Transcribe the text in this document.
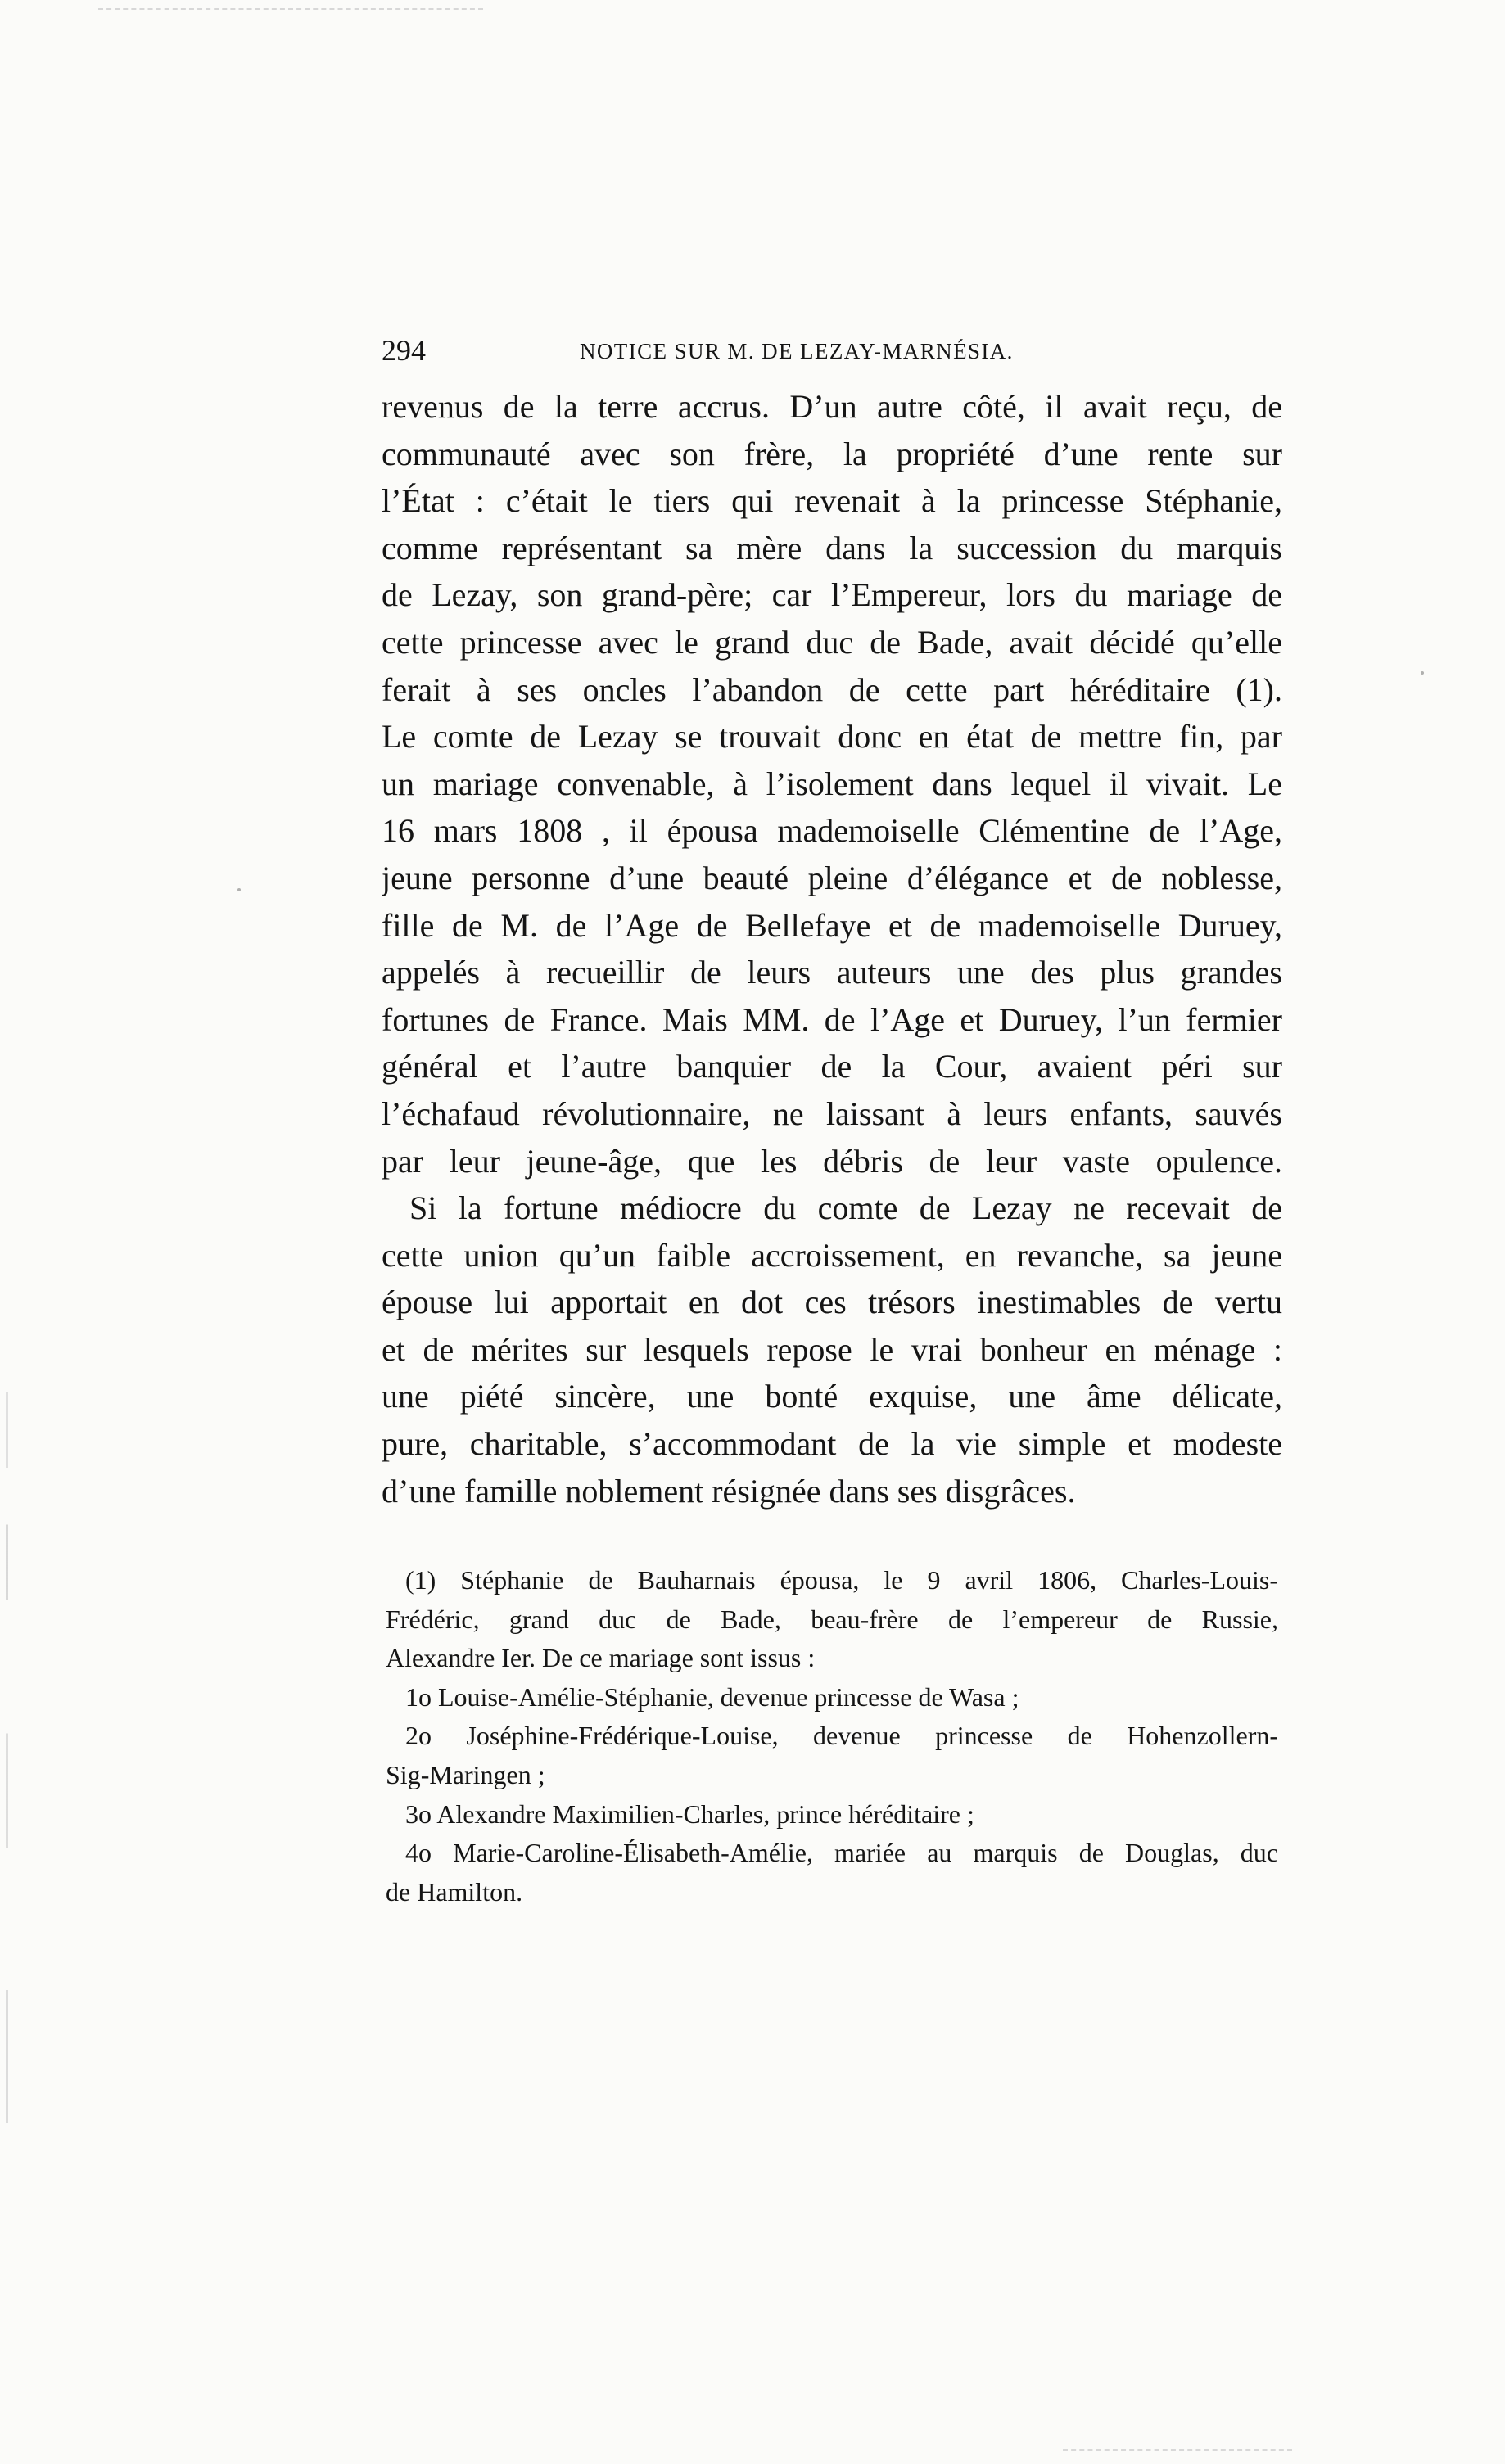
294	NOTICE SUR M. DE LEZAY-MARNÉSIA.
revenus de la terre accrus. D’un autre côté, il avait reçu, de
communauté avec son frère, la propriété d’une rente sur
l’État : c’était le tiers qui revenait à la princesse Stéphanie,
comme représentant sa mère dans la succession du marquis
de Lezay, son grand-père; car l’Empereur, lors du mariage de
cette princesse avec le grand duc de Bade, avait décidé qu’elle
ferait à ses oncles l’abandon de cette part héréditaire (1).
Le comte de Lezay se trouvait donc en état de mettre fin, par
un mariage convenable, à l’isolement dans lequel il vivait. Le
16 mars 1808 , il épousa mademoiselle Clémentine de l’Age,
jeune personne d’une beauté pleine d’élégance et de noblesse,
fille de M. de l’Age de Bellefaye et de mademoiselle Duruey,
appelés à recueillir de leurs auteurs une des plus grandes
fortunes de France. Mais MM. de l’Age et Duruey, l’un fermier
général et l’autre banquier de la Cour, avaient péri sur
l’échafaud révolutionnaire, ne laissant à leurs enfants, sauvés
par leur jeune-âge, que les débris de leur vaste opulence.
Si la fortune médiocre du comte de Lezay ne recevait de
cette union qu’un faible accroissement, en revanche, sa jeune
épouse lui apportait en dot ces trésors inestimables de vertu
et de mérites sur lesquels repose le vrai bonheur en ménage :
une piété sincère, une bonté exquise, une âme délicate,
pure, charitable, s’accommodant de la vie simple et modeste
d’une famille noblement résignée dans ses disgrâces.
(1) Stéphanie de Bauharnais épousa, le 9 avril 1806, Charles-Louis-
Frédéric, grand duc de Bade, beau-frère de l’empereur de Russie,
Alexandre Ier. De ce mariage sont issus :
1o Louise-Amélie-Stéphanie, devenue princesse de Wasa ;
2o Joséphine-Frédérique-Louise, devenue princesse de Hohenzollern-
Sig-Maringen ;
3o Alexandre Maximilien-Charles, prince héréditaire ;
4o Marie-Caroline-Élisabeth-Amélie, mariée au marquis de Douglas, duc
de Hamilton.
